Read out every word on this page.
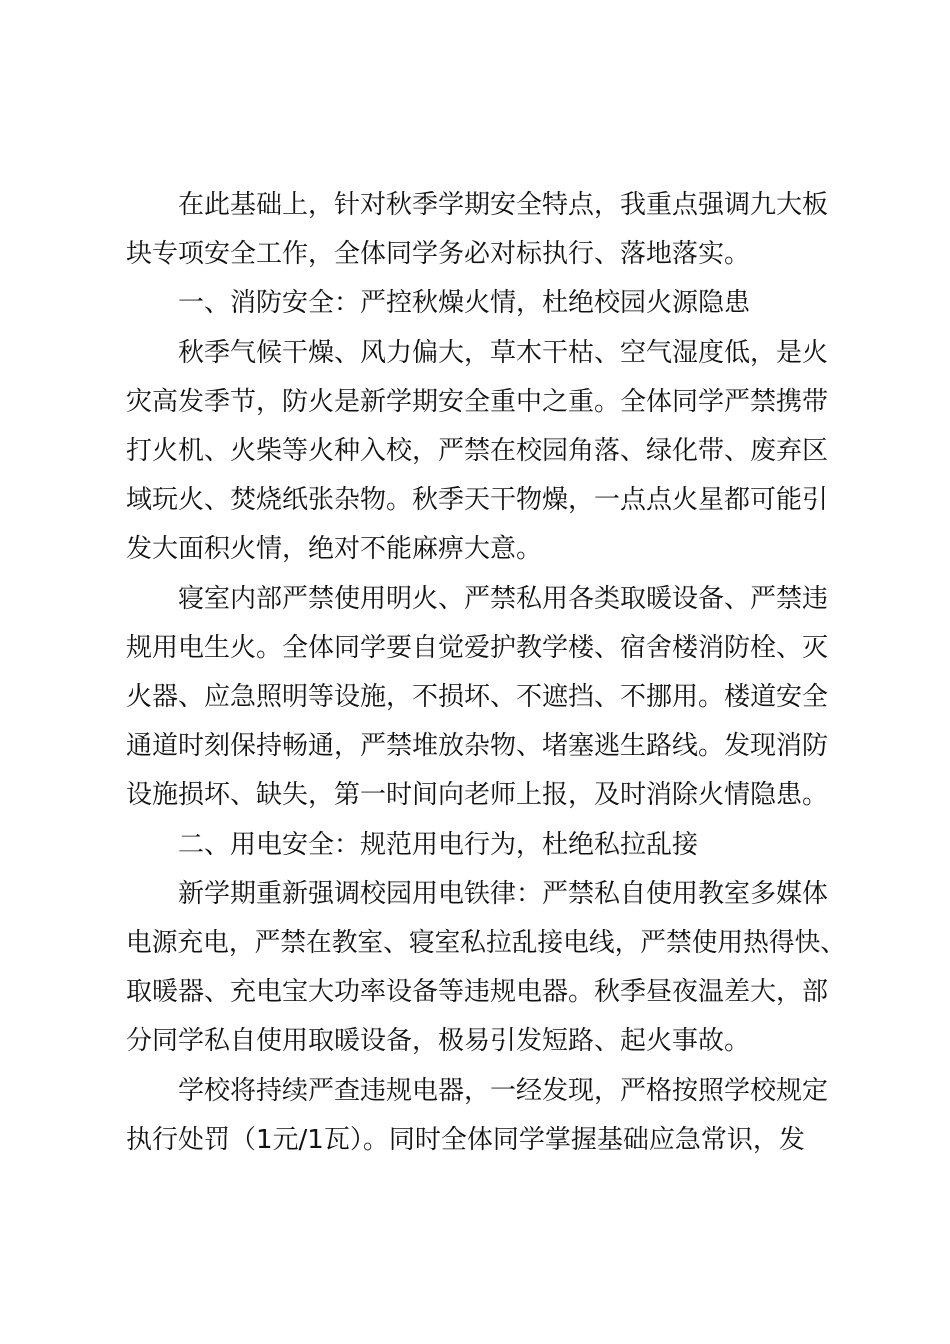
在此基础上，针对秋季学期安全特点，我重点强调九大板
块专项安全工作，全体同学务必对标执行、落地落实。

一、消防安全：严控秋燥火情，杜绝校园火源隐患

秋季气候干燥、风力偏大，草木干枯、空气湿度低，是火
灾高发季节，防火是新学期安全重中之重。全体同学严禁携带
打火机、火柴等火种入校，严禁在校园角落、绿化带、废弃区
域玩火、焚烧纸张杂物。秋季天干物燥，一点点火星都可能引
发大面积火情，绝对不能麻痹大意。

寝室内部严禁使用明火、严禁私用各类取暖设备、严禁违
规用电生火。全体同学要自觉爱护教学楼、宿舍楼消防栓、灭
火器、应急照明等设施，不损坏、不遮挡、不挪用。楼道安全
通道时刻保持畅通，严禁堆放杂物、堵塞逃生路线。发现消防
设施损坏、缺失，第一时间向老师上报，及时消除火情隐患。

二、用电安全：规范用电行为，杜绝私拉乱接

新学期重新强调校园用电铁律：严禁私自使用教室多媒体
电源充电，严禁在教室、寝室私拉乱接电线，严禁使用热得快、
取暖器、充电宝大功率设备等违规电器。秋季昼夜温差大，部
分同学私自使用取暖设备，极易引发短路、起火事故。

学校将持续严查违规电器，一经发现，严格按照学校规定
执行处罚（1元/1瓦）。同时全体同学掌握基础应急常识，发
